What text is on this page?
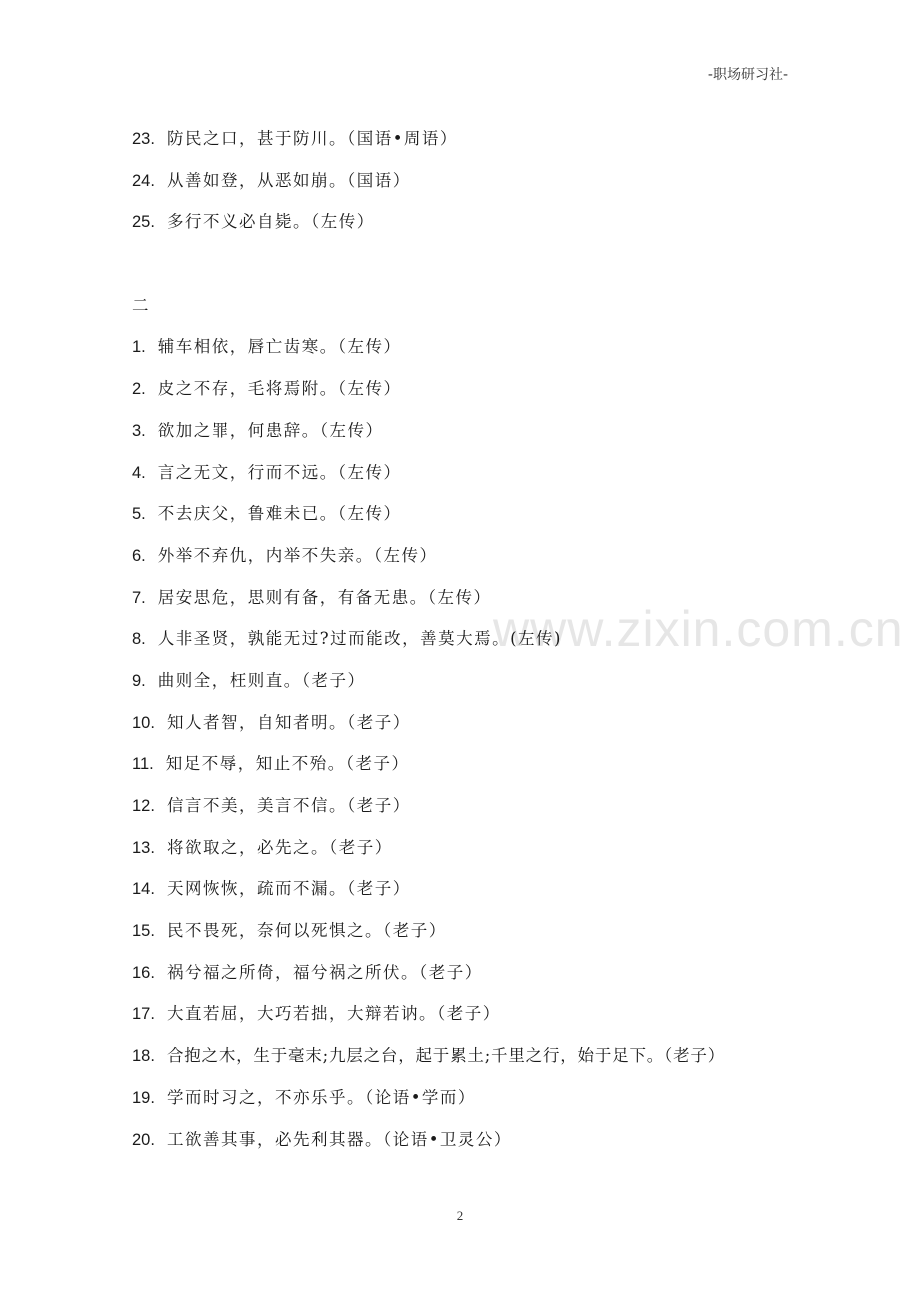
-职场研习社-
www.zixin.com.cn
23. 防民之口，甚于防川。（国语•周语）
24. 从善如登，从恶如崩。（国语）
25. 多行不义必自毙。（左传）
二
1. 辅车相依，唇亡齿寒。（左传）
2. 皮之不存，毛将焉附。（左传）
3. 欲加之罪，何患辞。（左传）
4. 言之无文，行而不远。（左传）
5. 不去庆父，鲁难未已。（左传）
6. 外举不弃仇，内举不失亲。（左传）
7. 居安思危，思则有备，有备无患。（左传）
8. 人非圣贤，孰能无过?过而能改，善莫大焉。(左传)
9. 曲则全，枉则直。（老子）
10. 知人者智，自知者明。（老子）
11. 知足不辱，知止不殆。（老子）
12. 信言不美，美言不信。（老子）
13. 将欲取之，必先之。（老子）
14. 天网恢恢，疏而不漏。（老子）
15. 民不畏死，奈何以死惧之。（老子）
16. 祸兮福之所倚，福兮祸之所伏。（老子）
17. 大直若屈，大巧若拙，大辩若讷。（老子）
18. 合抱之木，生于毫末;九层之台，起于累土;千里之行，始于足下。（老子）
19. 学而时习之，不亦乐乎。（论语•学而）
20. 工欲善其事，必先利其器。（论语•卫灵公）
2
